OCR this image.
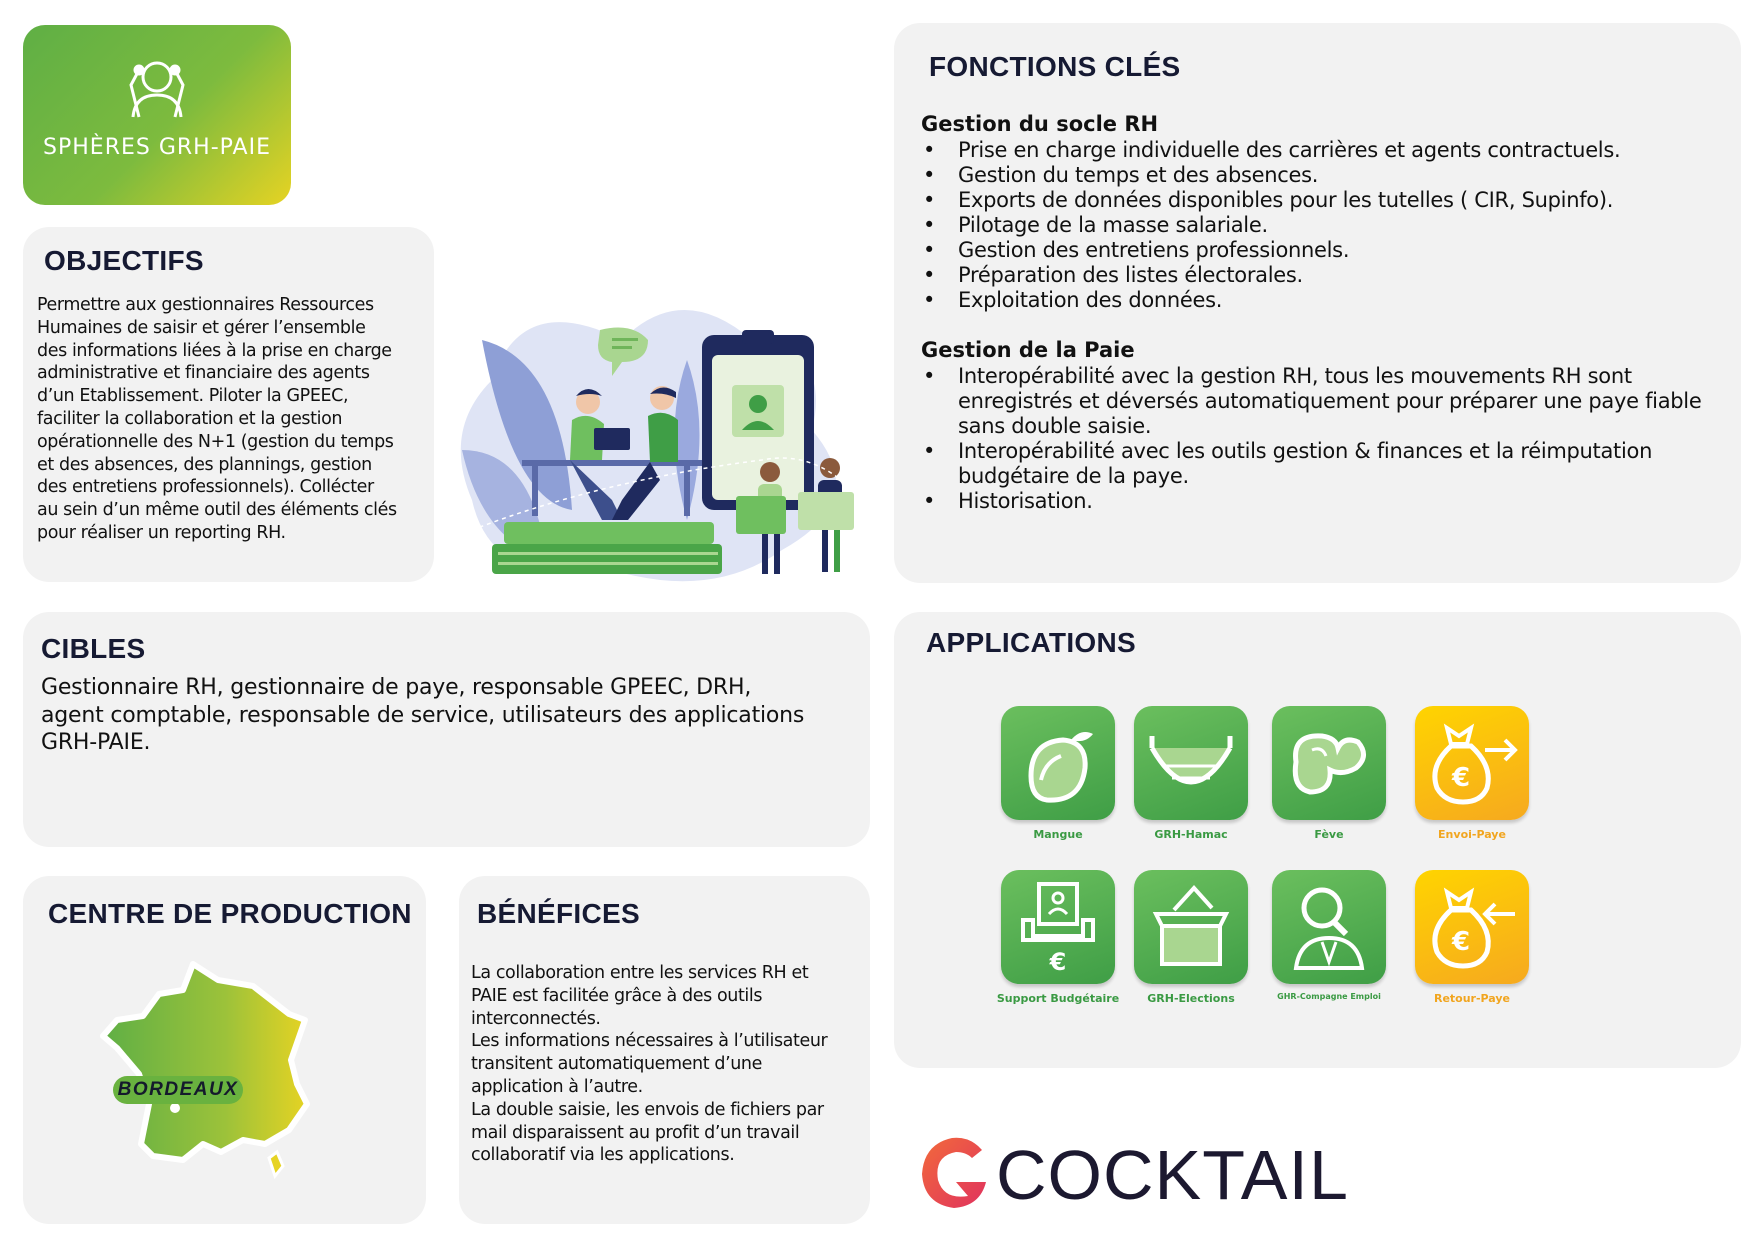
SPHÈRES GRH-PAIE
OBJECTIFS
Permettre aux gestionnaires Ressources
Humaines de saisir et gérer l’ensemble
des informations liées à la prise en charge
administrative et financiaire des agents
d’un Etablissement. Piloter la GPEEC,
faciliter la collaboration et la gestion
opérationnelle des N+1 (gestion du temps
et des absences, des plannings, gestion
des entretiens professionnels). Collécter
au sein d’un même outil des éléments clés
pour réaliser un reporting RH.
FONCTIONS CLÉS
Gestion du socle RH
• Prise en charge individuelle des carrières et agents contractuels.
• Gestion du temps et des absences.
• Exports de données disponibles pour les tutelles ( CIR, Supinfo).
• Pilotage de la masse salariale.
• Gestion des entretiens professionnels.
• Préparation des listes électorales.
• Exploitation des données.
Gestion de la Paie
• Interopérabilité avec la gestion RH, tous les mouvements RH sont enregistrés et déversés automatiquement pour préparer une paye fiable sans double saisie.
• Interopérabilité avec les outils gestion & finances et la réimputation budgétaire de la paye.
• Historisation.
CIBLES
Gestionnaire RH, gestionnaire de paye, responsable GPEEC, DRH,
agent comptable, responsable de service, utilisateurs des applications
GRH-PAIE.
APPLICATIONS
Mangue	GRH-Hamac	Fève
€
Envoi-Paye
€
Support Budgétaire	GRH-Elections	GHR-Compagne Emploi
€
Retour-Paye
CENTRE DE PRODUCTION
BORDEAUX
BÉNÉFICES
La collaboration entre les services RH et
PAIE est facilitée grâce à des outils
interconnectés.
Les informations nécessaires à l’utilisateur
transitent automatiquement d’une
application à l’autre.
La double saisie, les envois de fichiers par
mail disparaissent au profit d’un travail
collaboratif via les applications.	COCKTAIL
